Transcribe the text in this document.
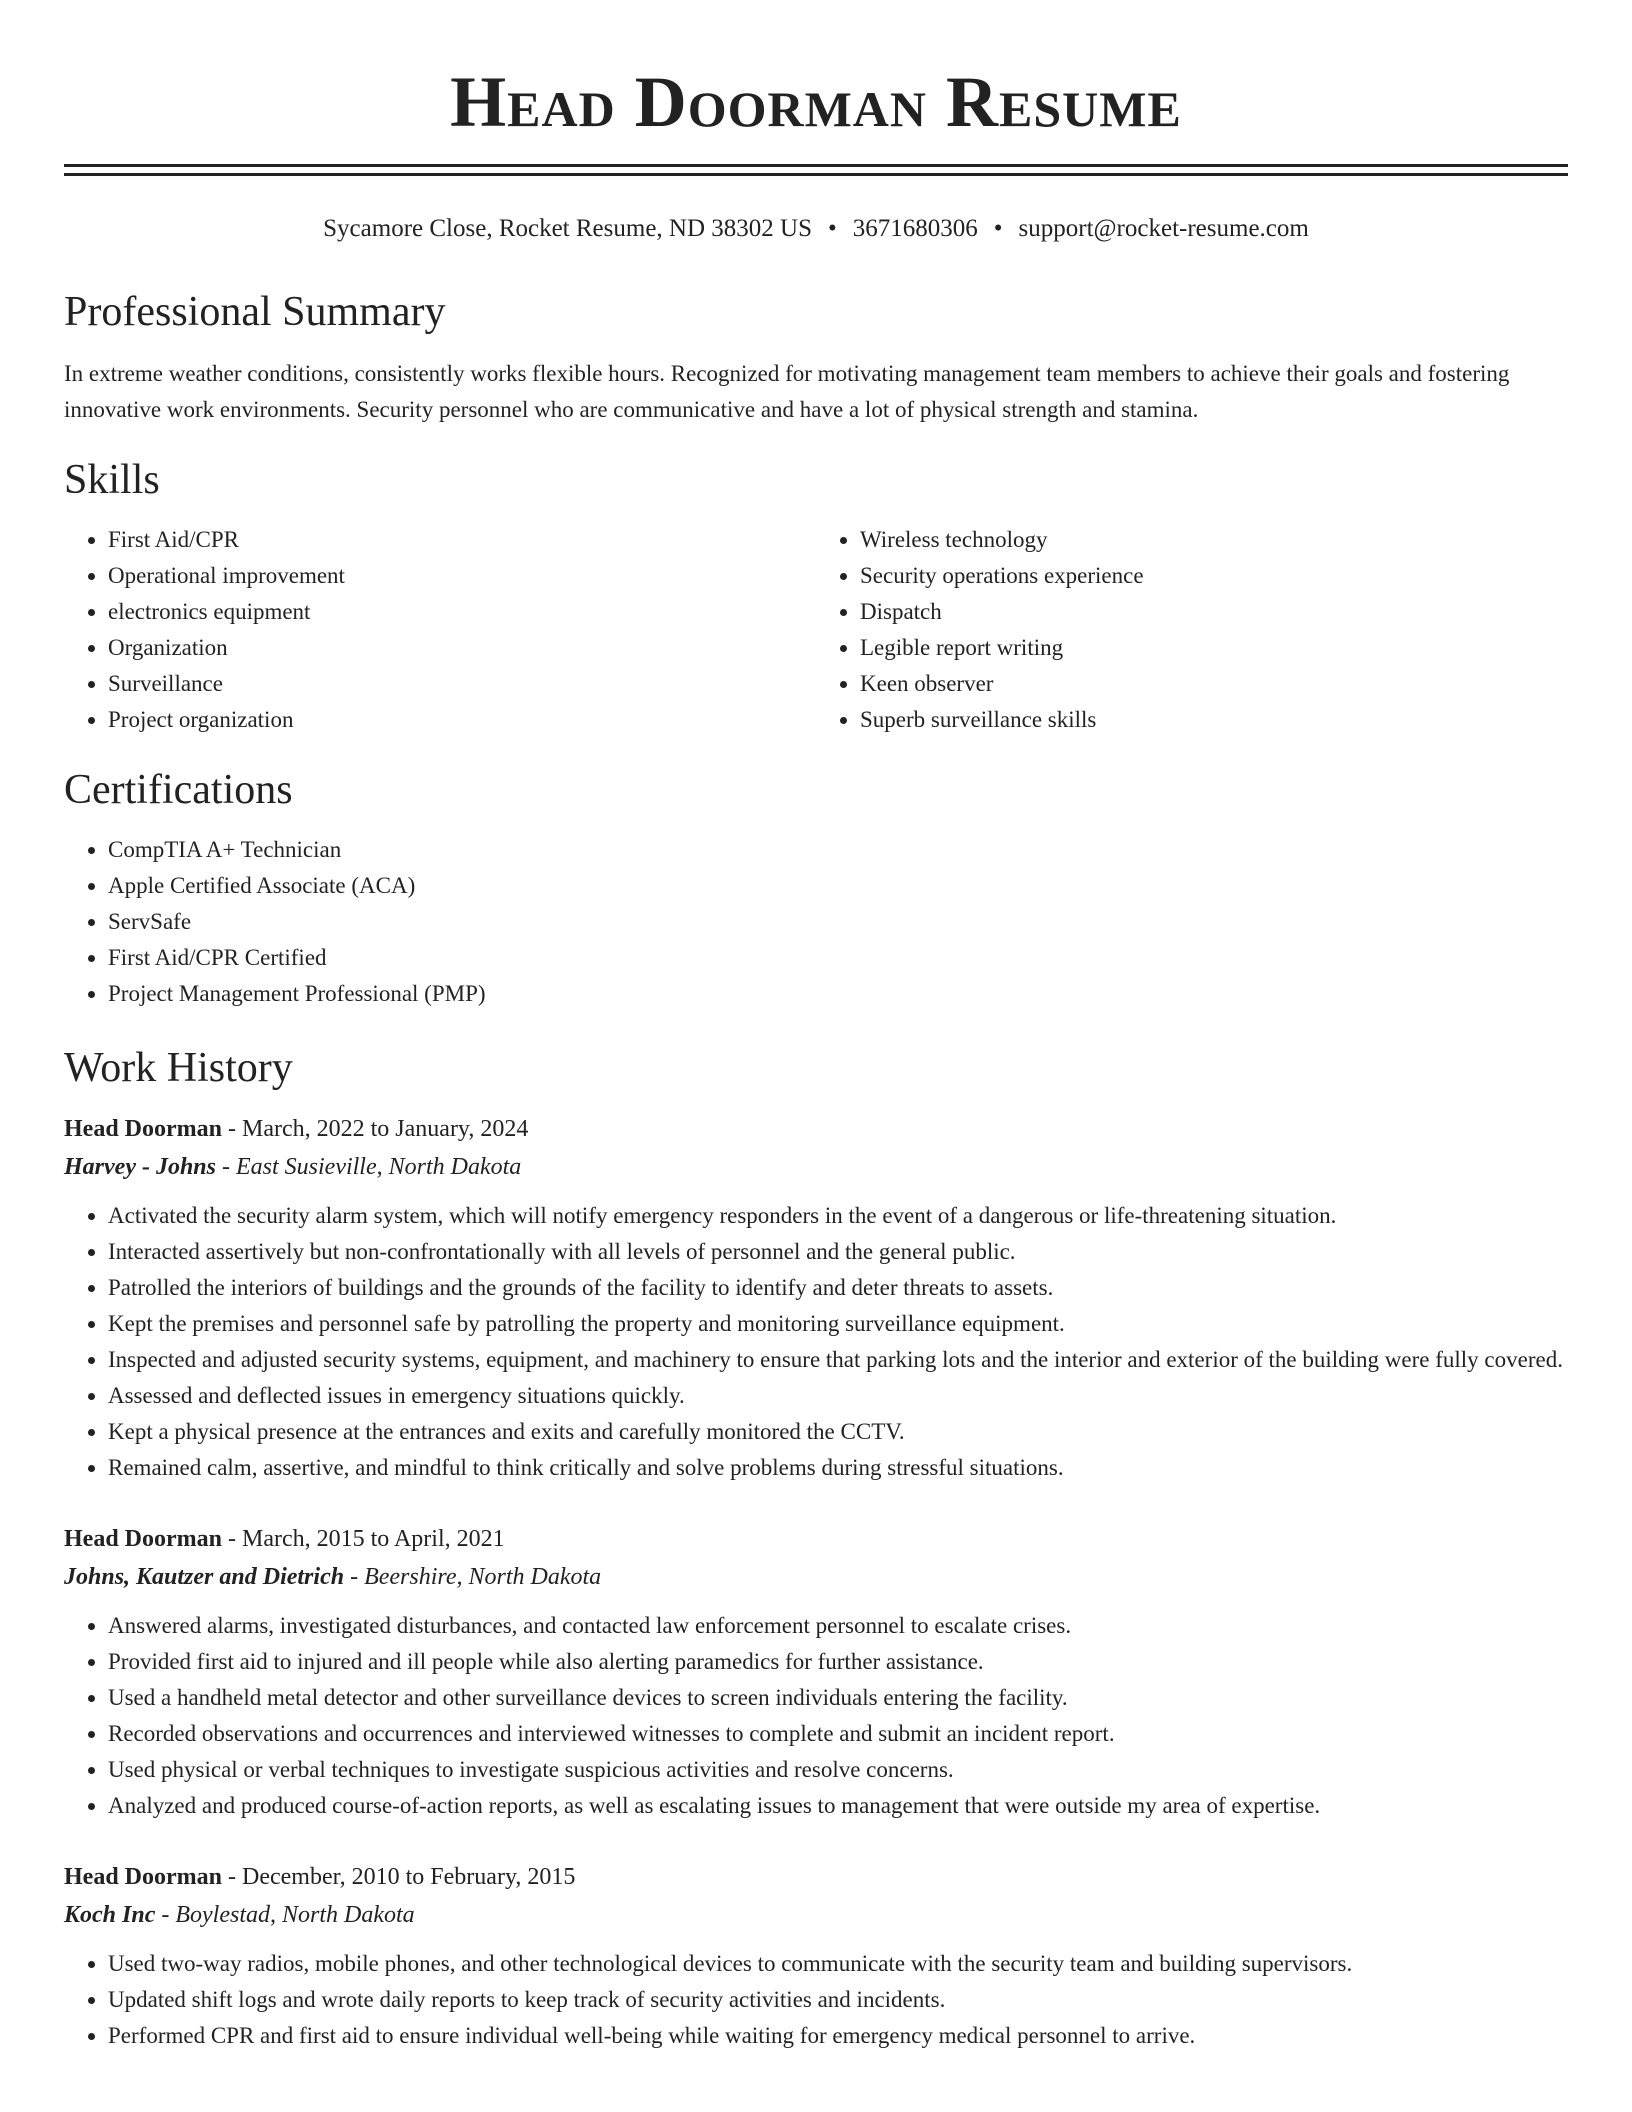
Head Doorman Resume
Sycamore Close, Rocket Resume, ND 38302 US • 3671680306 • support@rocket-resume.com
Professional Summary

In extreme weather conditions, consistently works flexible hours. Recognized for motivating management team members to achieve their goals and fostering innovative work environments. Security personnel who are communicative and have a lot of physical strength and stamina.

Skills
• First Aid/CPR
• Operational improvement
• electronics equipment
• Organization
• Surveillance
• Project organization
• Wireless technology
• Security operations experience
• Dispatch
• Legible report writing
• Keen observer
• Superb surveillance skills
Certifications
• CompTIA A+ Technician
• Apple Certified Associate (ACA)
• ServSafe
• First Aid/CPR Certified
• Project Management Professional (PMP)
Work History
Head Doorman - March, 2022 to January, 2024
Harvey - Johns - East Susieville, North Dakota
• Activated the security alarm system, which will notify emergency responders in the event of a dangerous or life-threatening situation.
• Interacted assertively but non-confrontationally with all levels of personnel and the general public.
• Patrolled the interiors of buildings and the grounds of the facility to identify and deter threats to assets.
• Kept the premises and personnel safe by patrolling the property and monitoring surveillance equipment.
• Inspected and adjusted security systems, equipment, and machinery to ensure that parking lots and the interior and exterior of the building were fully covered.
• Assessed and deflected issues in emergency situations quickly.
• Kept a physical presence at the entrances and exits and carefully monitored the CCTV.
• Remained calm, assertive, and mindful to think critically and solve problems during stressful situations.
Head Doorman - March, 2015 to April, 2021
Johns, Kautzer and Dietrich - Beershire, North Dakota
• Answered alarms, investigated disturbances, and contacted law enforcement personnel to escalate crises.
• Provided first aid to injured and ill people while also alerting paramedics for further assistance.
• Used a handheld metal detector and other surveillance devices to screen individuals entering the facility.
• Recorded observations and occurrences and interviewed witnesses to complete and submit an incident report.
• Used physical or verbal techniques to investigate suspicious activities and resolve concerns.
• Analyzed and produced course-of-action reports, as well as escalating issues to management that were outside my area of expertise.
Head Doorman - December, 2010 to February, 2015
Koch Inc - Boylestad, North Dakota
• Used two-way radios, mobile phones, and other technological devices to communicate with the security team and building supervisors.
• Updated shift logs and wrote daily reports to keep track of security activities and incidents.
• Performed CPR and first aid to ensure individual well-being while waiting for emergency medical personnel to arrive.
